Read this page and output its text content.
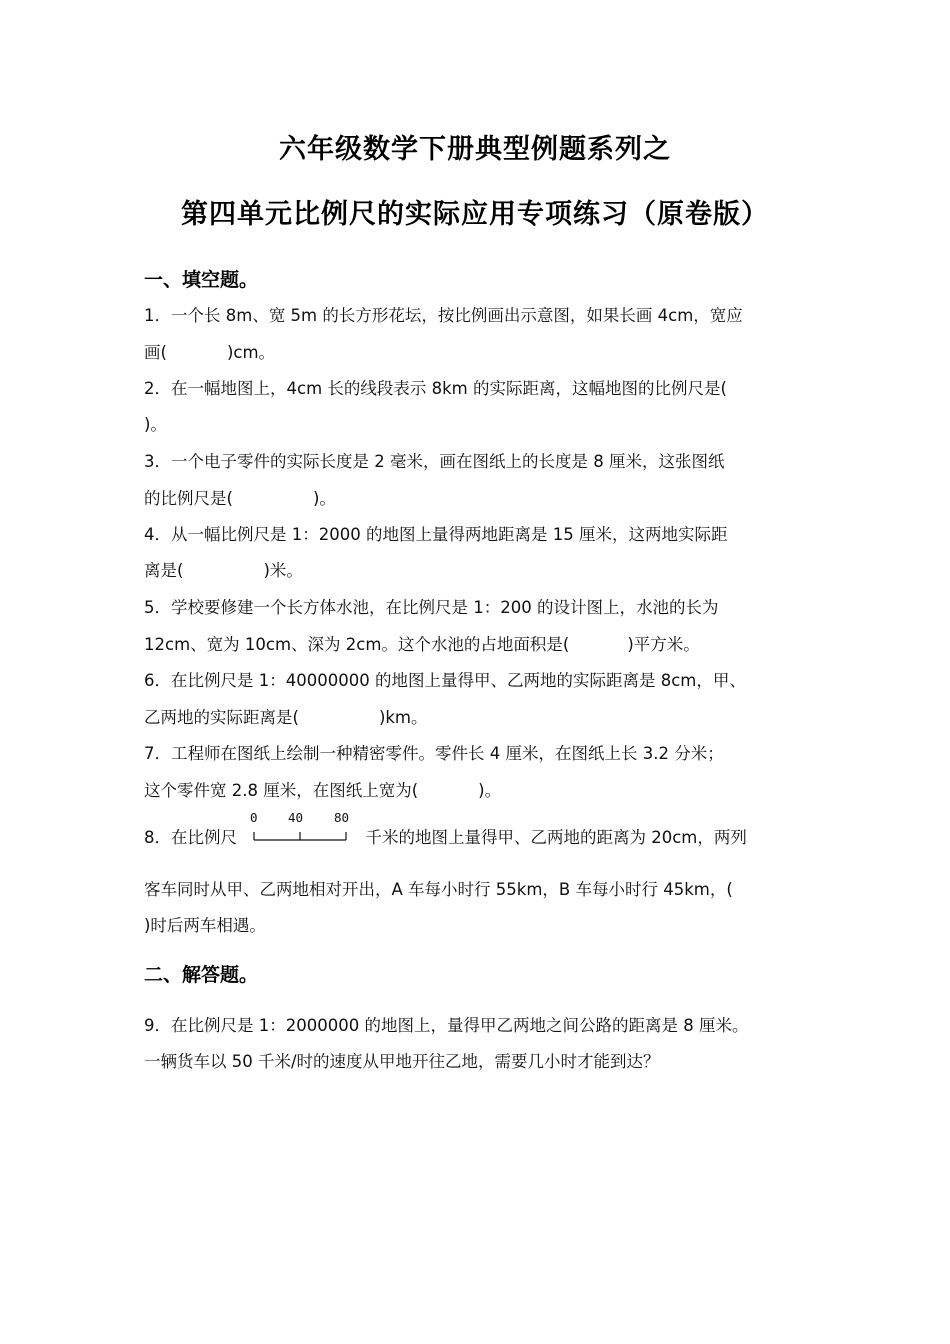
六年级数学下册典型例题系列之
第四单元比例尺的实际应用专项练习（原卷版）
一、填空题。
1．一个长 8m、宽 5m 的长方形花坛，按比例画出示意图，如果长画 4cm，宽应
画(	)cm。
2．在一幅地图上，4cm 长的线段表示 8km 的实际距离，这幅地图的比例尺是(
)。
3．一个电子零件的实际长度是 2 毫米，画在图纸上的长度是 8 厘米，这张图纸
的比例尺是(	)。
4．从一幅比例尺是 1：2000 的地图上量得两地距离是 15 厘米，这两地实际距
离是(	)米。
5．学校要修建一个长方体水池，在比例尺是 1：200 的设计图上，水池的长为
12cm、宽为 10cm、深为 2cm。这个水池的占地面积是(	)平方米。
6．在比例尺是 1：40000000 的地图上量得甲、乙两地的实际距离是 8cm，甲、
乙两地的实际距离是(	)km。
7．工程师在图纸上绘制一种精密零件。零件长 4 厘米，在图纸上长 3.2 分米；
这个零件宽 2.8 厘米，在图纸上宽为(	)。
8．在比例尺
0 40 80
千米的地图上量得甲、乙两地的距离为 20cm，两列
客车同时从甲、乙两地相对开出，A 车每小时行 55km，B 车每小时行 45km，(
)时后两车相遇。
二、解答题。
9．在比例尺是 1：2000000 的地图上，量得甲乙两地之间公路的距离是 8 厘米。
一辆货车以 50 千米/时的速度从甲地开往乙地，需要几小时才能到达？
